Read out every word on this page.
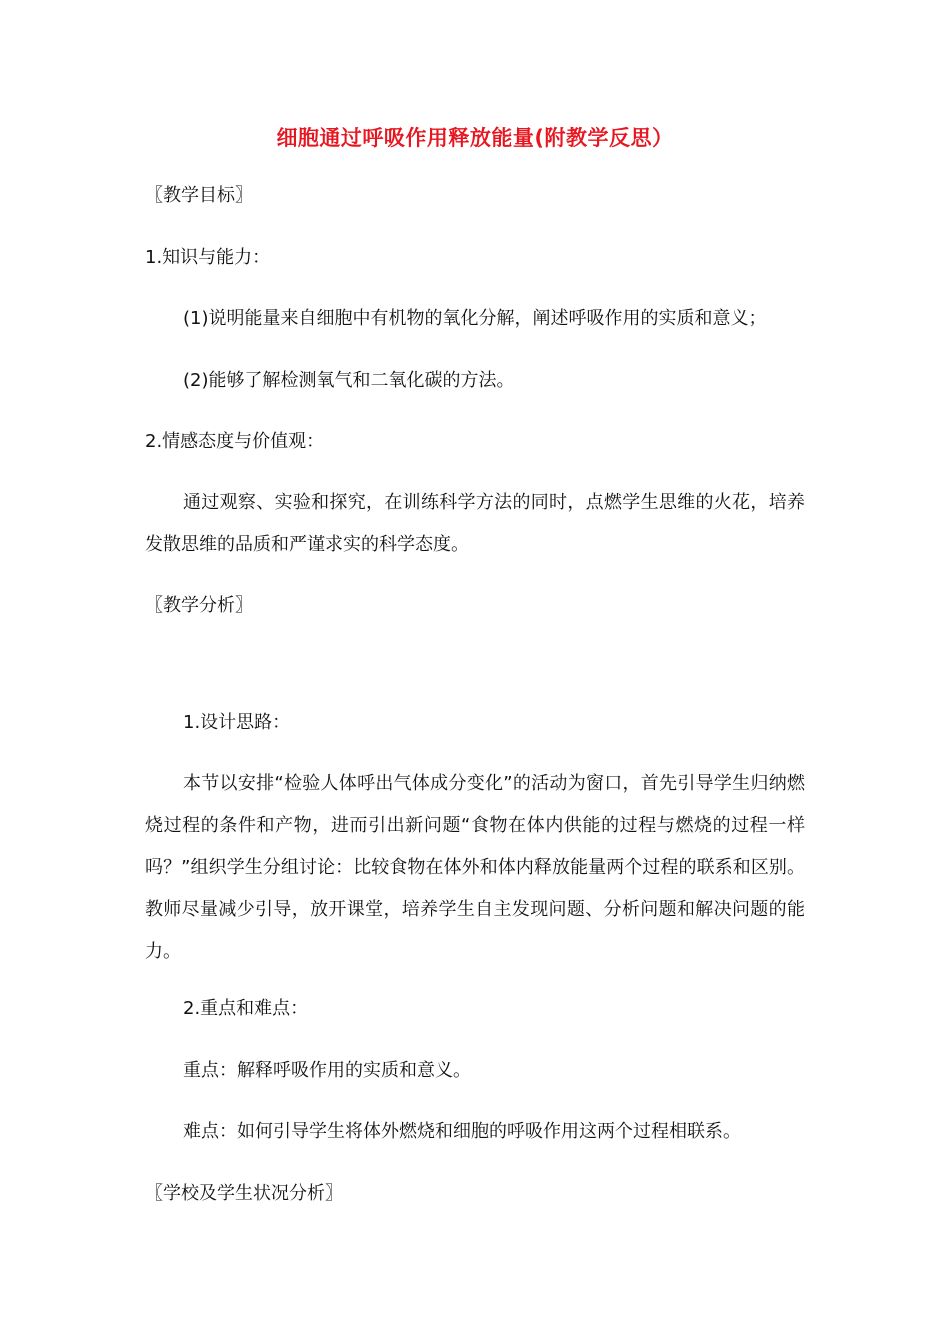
细胞通过呼吸作用释放能量(附教学反思）
〖教学目标〗
1.知识与能力：
(1)说明能量来自细胞中有机物的氧化分解，阐述呼吸作用的实质和意义；
(2)能够了解检测氧气和二氧化碳的方法。
2.情感态度与价值观：
通过观察、实验和探究，在训练科学方法的同时，点燃学生思维的火花，培养发散思维的品质和严谨求实的科学态度。
〖教学分析〗
1.设计思路：
本节以安排“检验人体呼出气体成分变化”的活动为窗口，首先引导学生归纳燃烧过程的条件和产物，进而引出新问题“食物在体内供能的过程与燃烧的过程一样吗？”组织学生分组讨论：比较食物在体外和体内释放能量两个过程的联系和区别。教师尽量减少引导，放开课堂，培养学生自主发现问题、分析问题和解决问题的能力。
2.重点和难点：
重点：解释呼吸作用的实质和意义。
难点：如何引导学生将体外燃烧和细胞的呼吸作用这两个过程相联系。
〖学校及学生状况分析〗
